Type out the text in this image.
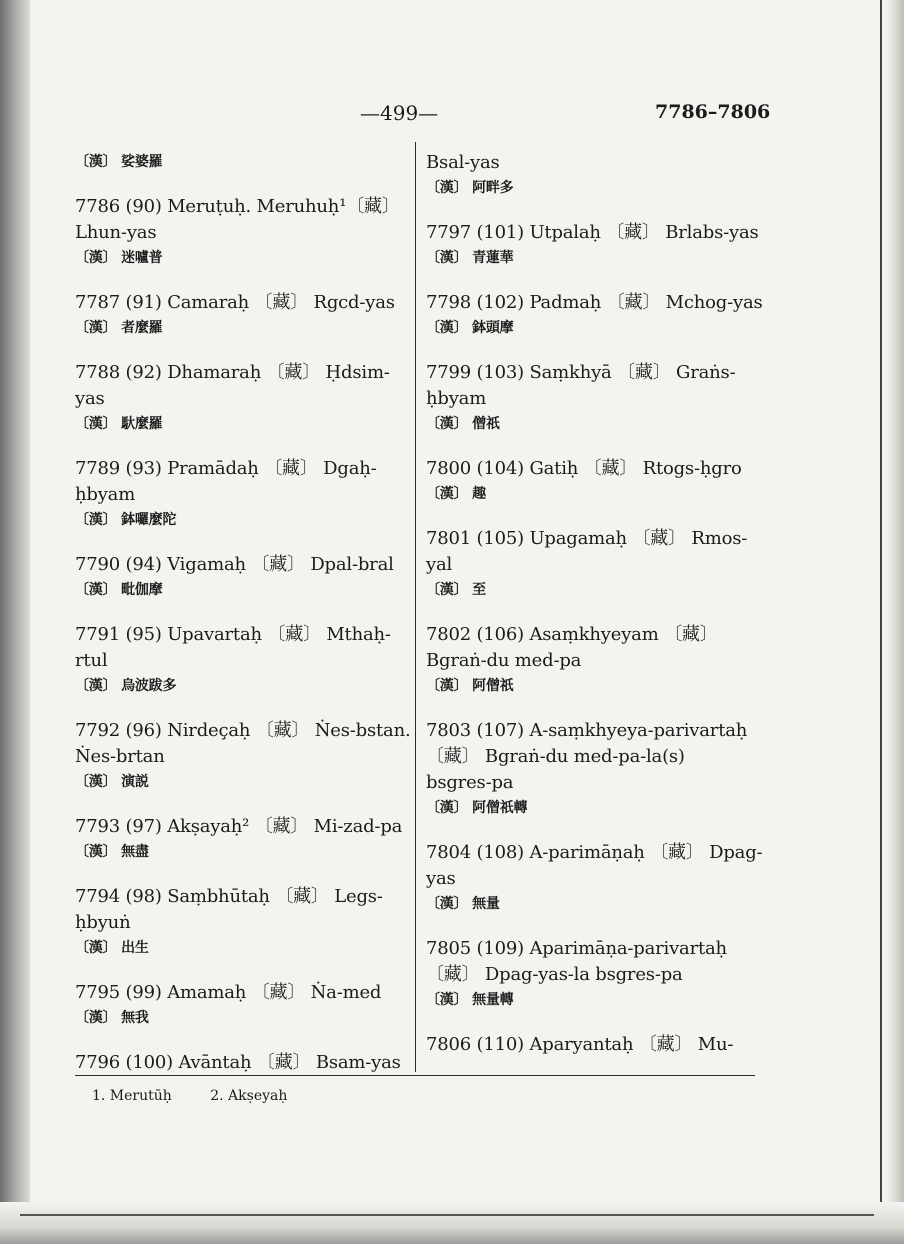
—499—	7786–7806
〔漢〕 娑婆羅
7786 (90) Meruṭuḥ. Meruhuḥ¹〔藏〕
Lhun-yas
〔漢〕 迷嚧普
7787 (91) Camaraḥ 〔藏〕 Rgcd-yas
〔漢〕 者麼羅
7788 (92) Dhamaraḥ 〔藏〕 Ḥdsim-
yas
〔漢〕 馱麼羅
7789 (93) Pramādaḥ 〔藏〕 Dgaḥ-
ḥbyam
〔漢〕 鉢囉麼陀
7790 (94) Vigamaḥ 〔藏〕 Dpal-bral
〔漢〕 毗伽摩
7791 (95) Upavartaḥ 〔藏〕 Mthaḥ-
rtul
〔漢〕 烏波跋多
7792 (96) Nirdeçaḥ 〔藏〕 Ṅes-bstan.
Ṅes-brtan
〔漢〕 演説
7793 (97) Akṣayaḥ² 〔藏〕 Mi-zad-pa
〔漢〕 無盡
7794 (98) Saṃbhūtaḥ 〔藏〕 Legs-
ḥbyuṅ
〔漢〕 出生
7795 (99) Amamaḥ 〔藏〕 Ṅa-med
〔漢〕 無我
7796 (100) Avāntaḥ 〔藏〕 Bsam-yas
Bsal-yas
〔漢〕 阿畔多
7797 (101) Utpalaḥ 〔藏〕 Brlabs-yas
〔漢〕 青蓮華
7798 (102) Padmaḥ 〔藏〕 Mchog-yas
〔漢〕 鉢頭摩
7799 (103) Saṃkhyā 〔藏〕 Graṅs-
ḥbyam
〔漢〕 僧祇
7800 (104) Gatiḥ 〔藏〕 Rtogs-ḥgro
〔漢〕 趣
7801 (105) Upagamaḥ 〔藏〕 Rmos-
yal
〔漢〕 至
7802 (106) Asaṃkhyeyam 〔藏〕
Bgraṅ-du med-pa
〔漢〕 阿僧祇
7803 (107) A-saṃkhyeya-parivartaḥ
〔藏〕 Bgraṅ-du med-pa-la(s)
bsgres-pa
〔漢〕 阿僧祇轉
7804 (108) A-parimāṇaḥ 〔藏〕 Dpag-
yas
〔漢〕 無量
7805 (109) Aparimāṇa-parivartaḥ
〔藏〕 Dpag-yas-la bsgres-pa
〔漢〕 無量轉
7806 (110) Aparyantaḥ 〔藏〕 Mu-
1. Merutūḥ	2. Akṣeyaḥ
